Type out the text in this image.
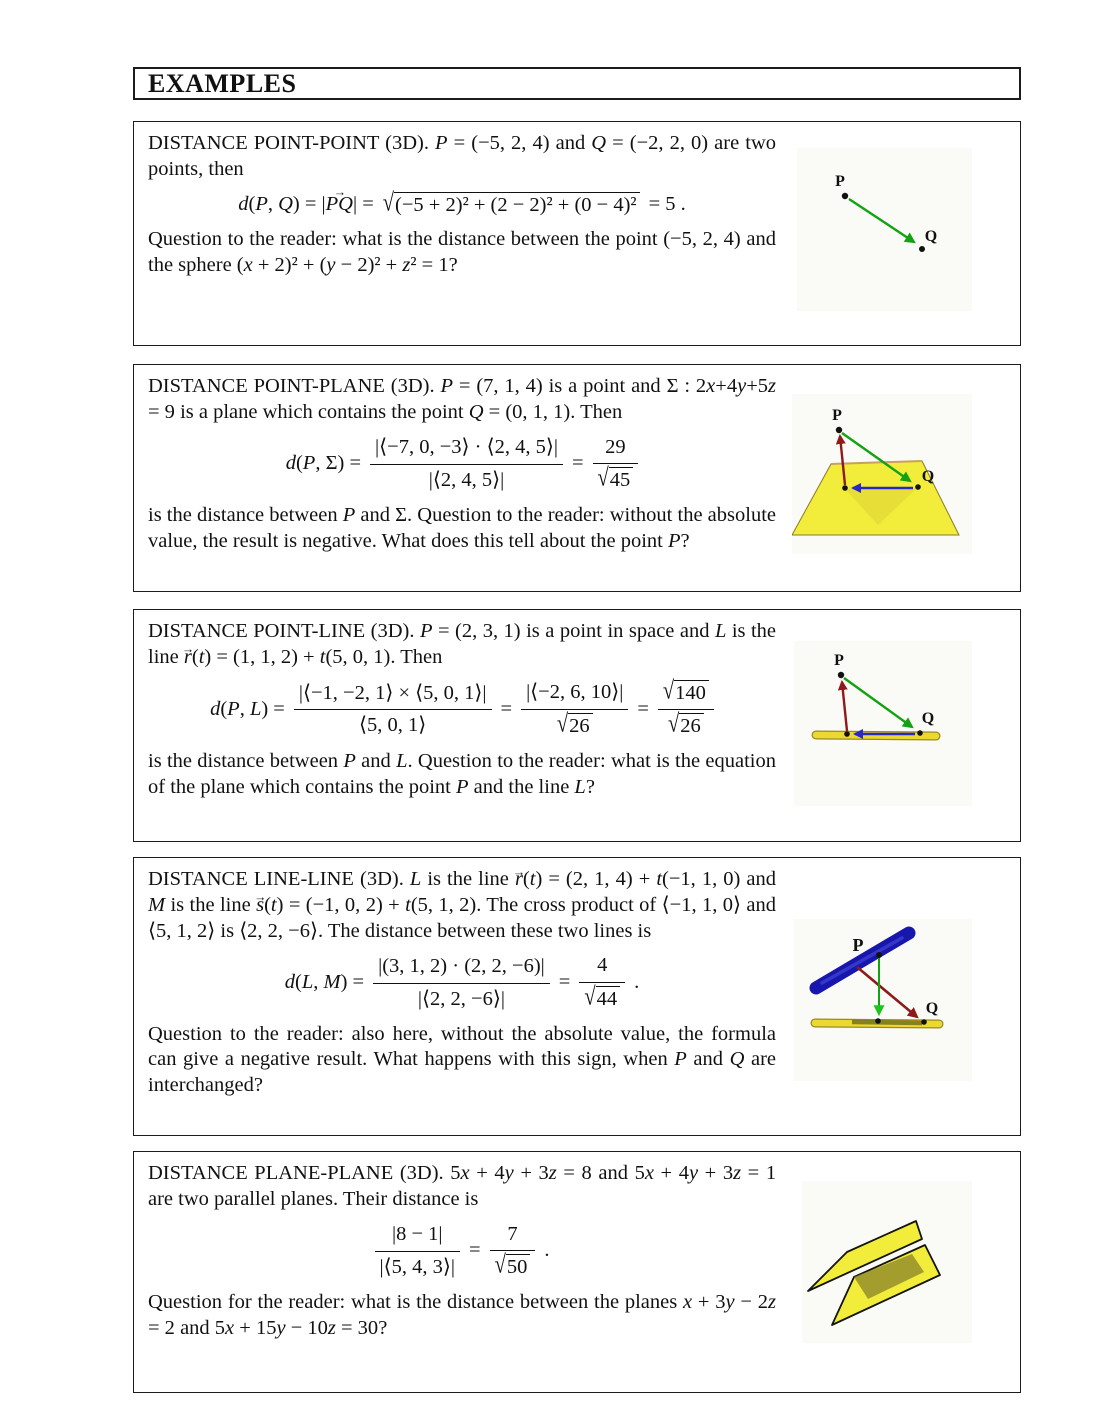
EXAMPLES

DISTANCE POINT-POINT (3D). P = (−5, 2, 4) and Q = (−2, 2, 0) are two points, then

d(P, Q) = |PQ →| = √(−5 + 2)² + (2 − 2)² + (0 − 4)² = 5 .

Question to the reader: what is the distance between the point (−5, 2, 4) and the sphere (x + 2)² + (y − 2)² + z² = 1?

P
Q

DISTANCE POINT-PLANE (3D). P = (7, 1, 4) is a point and Σ : 2x+4y+5z = 9 is a plane which contains the point Q = (0, 1, 1). Then

d(P, $\Sigma) = \frac{|⟨-7, 0, -3⟩ \cdot ⟨2, 4, 5⟩|}{|⟨2, 4, 5⟩|} = \frac{29}{√45}$

is the distance between P and Σ. Question to the reader: without the absolute value, the result is negative. What does this tell about the point P?

P
Q

DISTANCE POINT-LINE (3D). P = (2, 3, 1) is a point in space and L is the line r →(t) = (1, 1, 2) + t(5, 0, 1). Then

d(P, $L) = \frac{|⟨-1, -2, 1⟩ \times ⟨5, 0, 1⟩|}{⟨5, 0, 1⟩} = \frac{|⟨-2, 6, 10⟩|}{√26} = \frac{√140}{√26}$

is the distance between P and L. Question to the reader: what is the equation of the plane which contains the point P and the line L?

P
Q

DISTANCE LINE-LINE (3D). L is the line r →(t) = (2, 1, 4) + t(−1, 1, 0) and M is the line s →(t) = (−1, 0, 2) + t(5, 1, 2). The cross product of ⟨−1, 1, 0⟩ and ⟨5, 1, 2⟩ is ⟨2, 2, −6⟩. The distance between these two lines is

d(L, $M) = \frac{|(3, 1, 2) \cdot (2, 2, -6)|}{|⟨2, 2, -6⟩|} = \frac{4}{√44}$ .

Question to the reader: also here, without the absolute value, the formula can give a negative result. What happens with this sign, when P and Q are interchanged?

P
Q

DISTANCE PLANE-PLANE (3D). 5x + 4y + 3z = 8 and 5x + 4y + 3z = 1 are two parallel planes. Their distance is

$\frac{|8 - 1|}{|⟨5, 4, 3⟩|} = \frac{7}{√50}$ .

Question for the reader: what is the distance between the planes x + 3y − 2z = 2 and 5x + 15y − 10z = 30?
